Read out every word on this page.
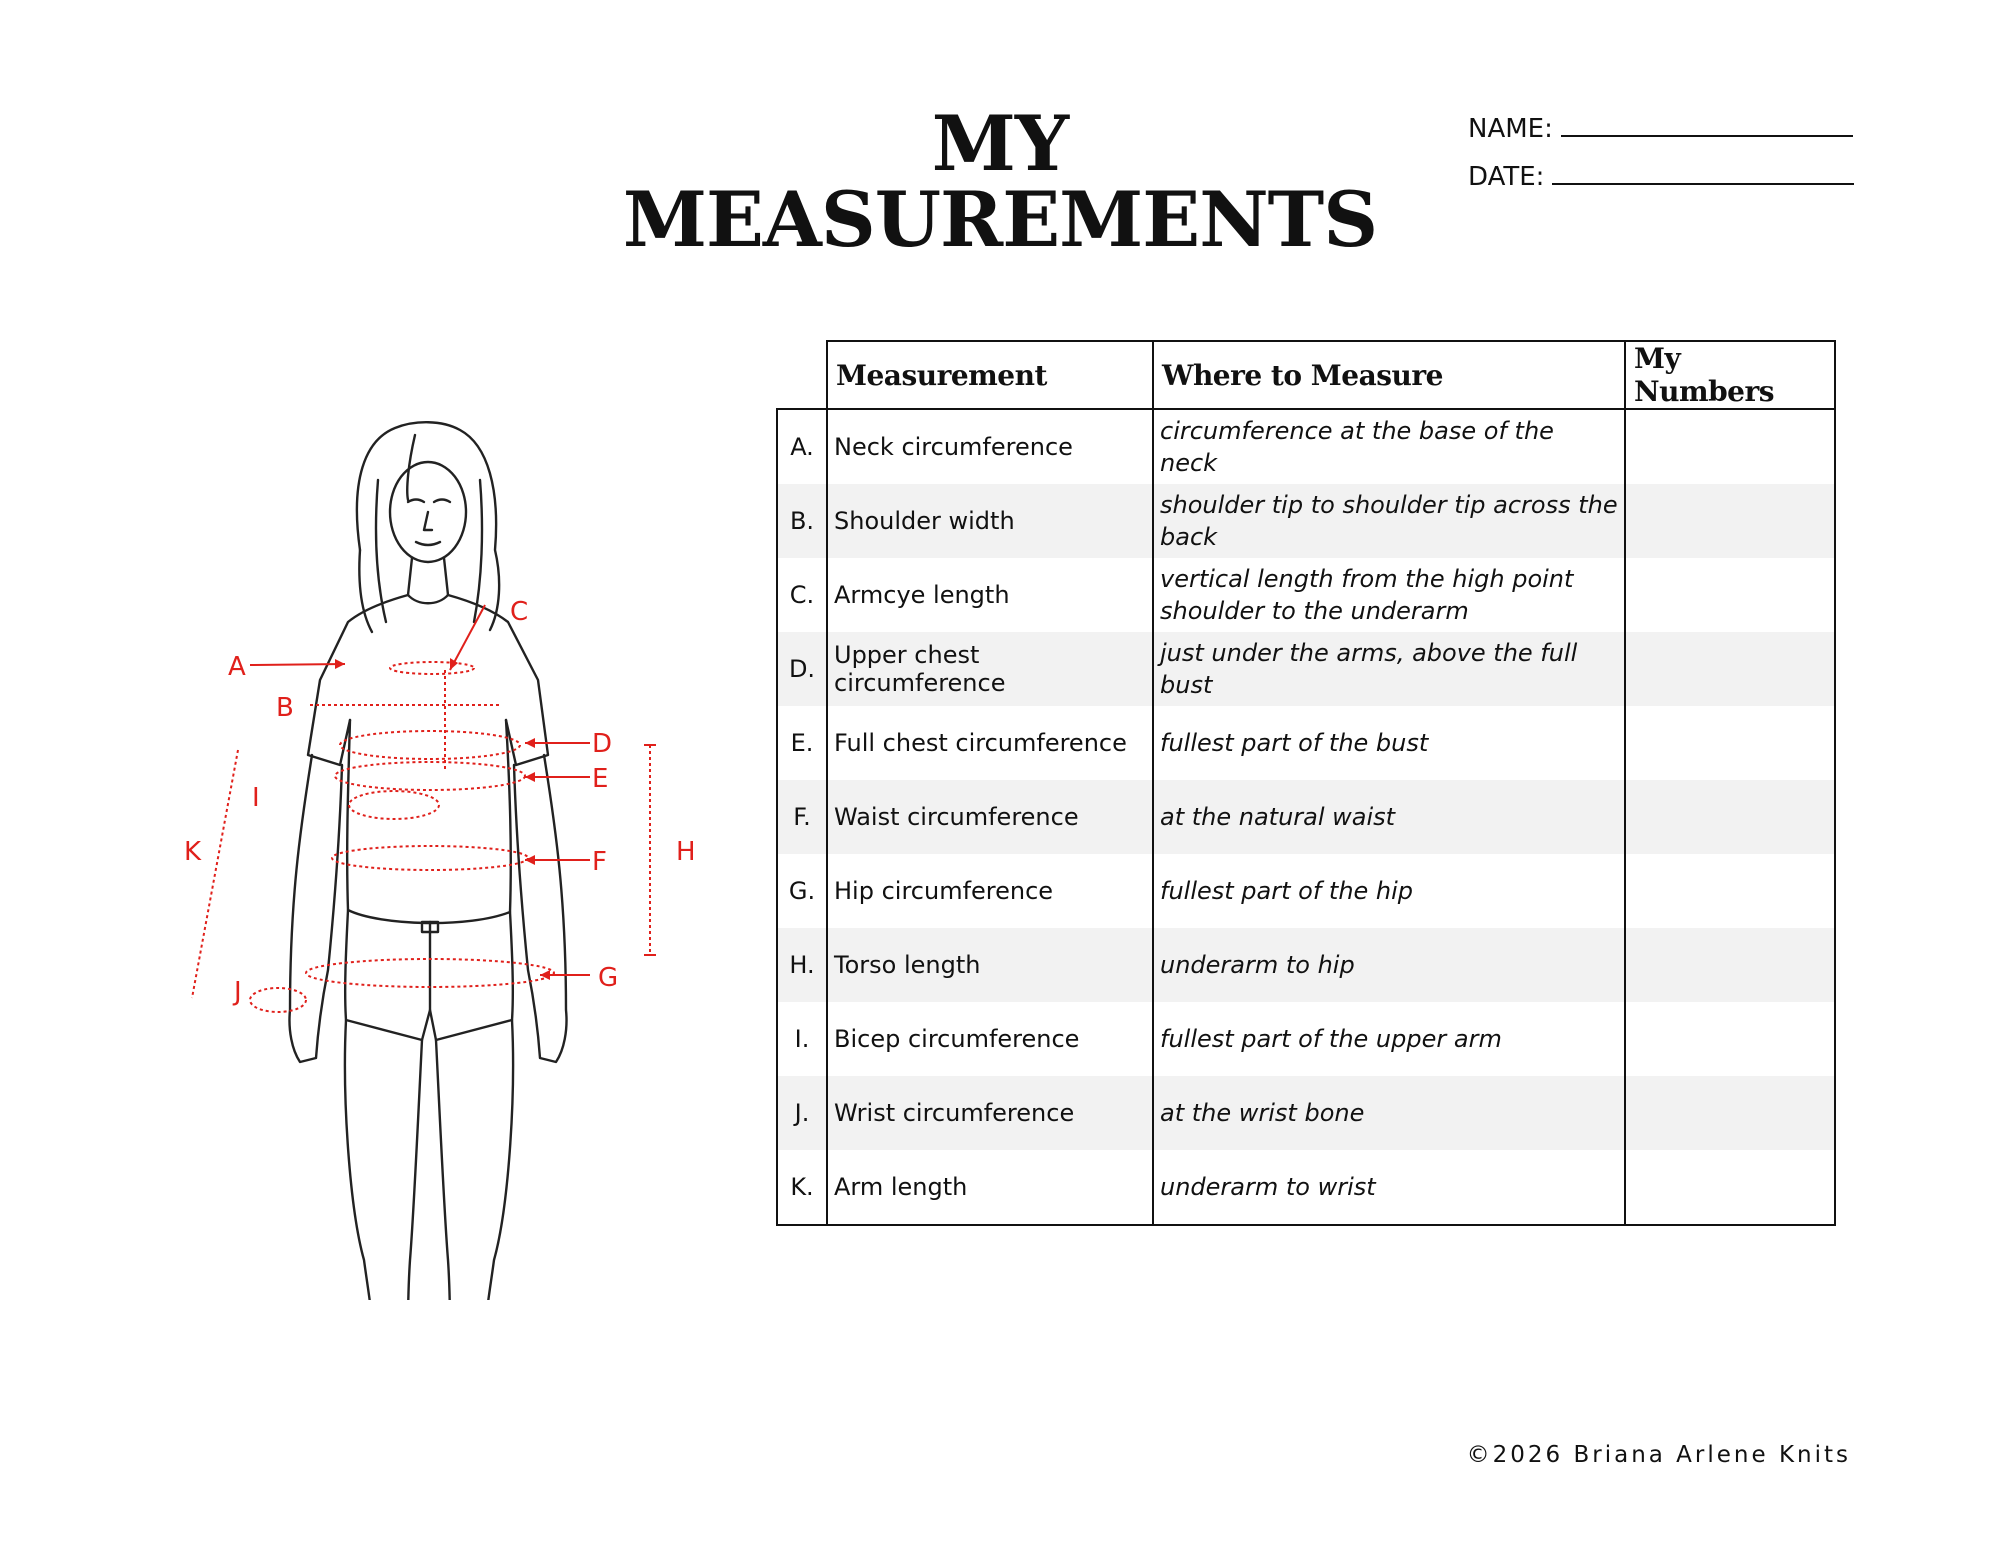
MY MEASUREMENTS
NAME:
DATE:
A
B
C
D
E
F
G
H
I
J
K
	Measurement	Where to Measure	My Numbers
A.	Neck circumference	circumference at the base of the neck	
B.	Shoulder width	shoulder tip to shoulder tip across the back	
C.	Armcye length	vertical length from the high point shoulder to the underarm	
D.	Upper chest circumference	just under the arms, above the full bust	
E.	Full chest circumference	fullest part of the bust	
F.	Waist circumference	at the natural waist	
G.	Hip circumference	fullest part of the hip	
H.	Torso length	underarm to hip	
I.	Bicep circumference	fullest part of the upper arm	
J.	Wrist circumference	at the wrist bone	
K.	Arm length	underarm to wrist	
©2026 Briana Arlene Knits
